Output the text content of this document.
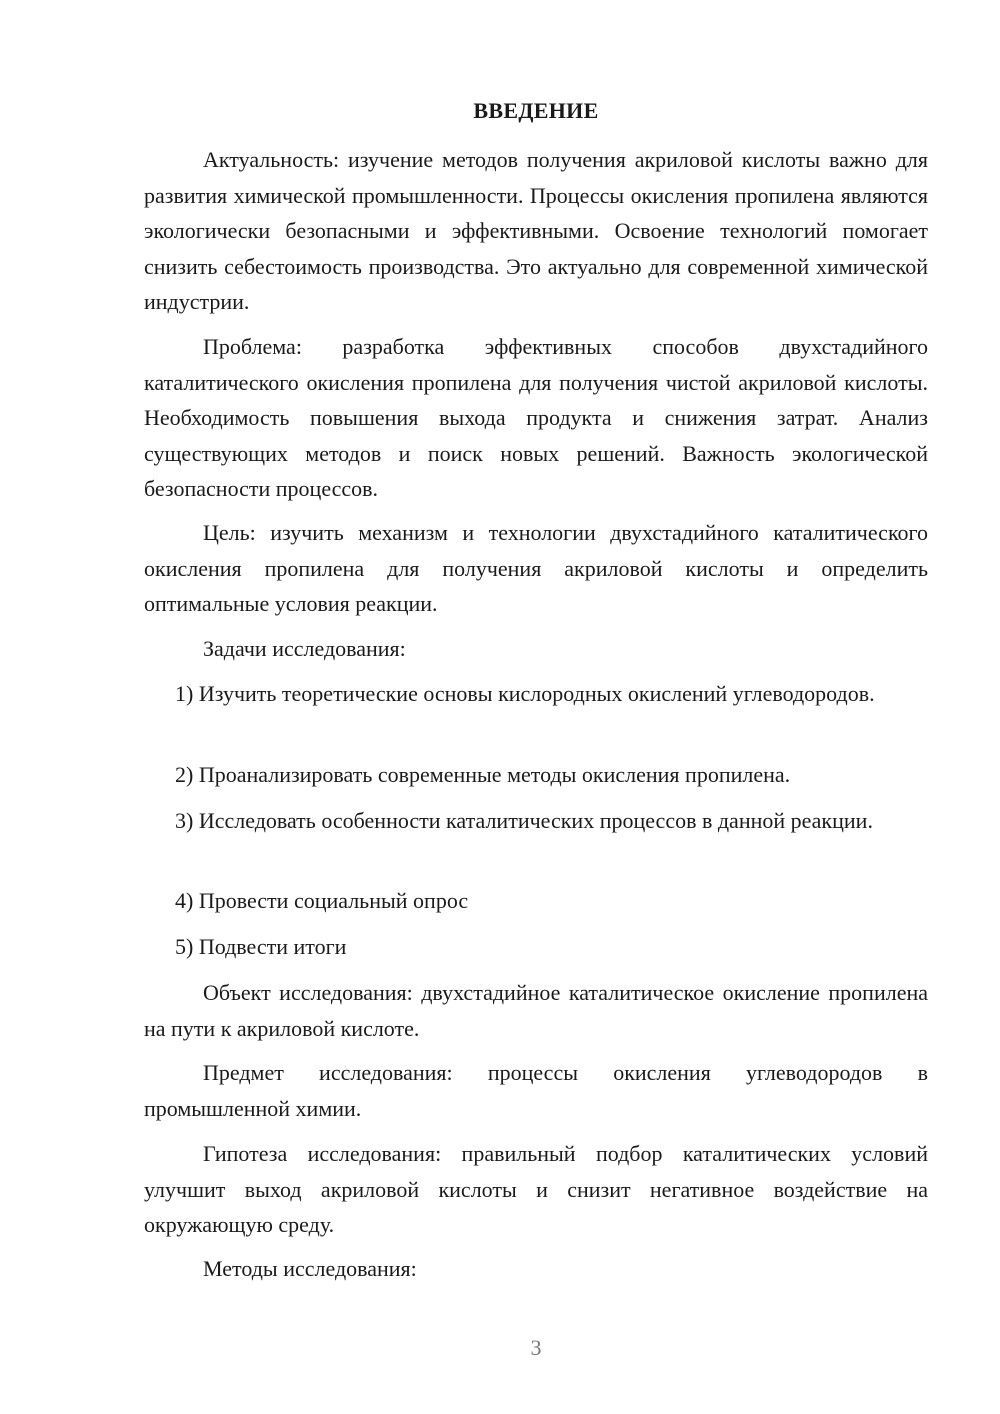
ВВЕДЕНИЕ
Актуальность: изучение методов получения акриловой кислоты важно для развития химической промышленности. Процессы окисления пропилена являются экологически безопасными и эффективными. Освоение технологий помогает снизить себестоимость производства. Это актуально для современной химической индустрии.
Проблема: разработка эффективных способов двухстадийного каталитического окисления пропилена для получения чистой акриловой кислоты. Необходимость повышения выхода продукта и снижения затрат. Анализ существующих методов и поиск новых решений. Важность экологической безопасности процессов.
Цель: изучить механизм и технологии двухстадийного каталитического окисления пропилена для получения акриловой кислоты и определить оптимальные условия реакции.
Задачи исследования:
1) Изучить теоретические основы кислородных окислений углеводородов.
2) Проанализировать современные методы окисления пропилена.
3) Исследовать особенности каталитических процессов в данной реакции.
4) Провести социальный опрос
5) Подвести итоги
Объект исследования: двухстадийное каталитическое окисление пропилена на пути к акриловой кислоте.
Предмет исследования: процессы окисления углеводородов в промышленной химии.
Гипотеза исследования: правильный подбор каталитических условий улучшит выход акриловой кислоты и снизит негативное воздействие на окружающую среду.
Методы исследования:
3
